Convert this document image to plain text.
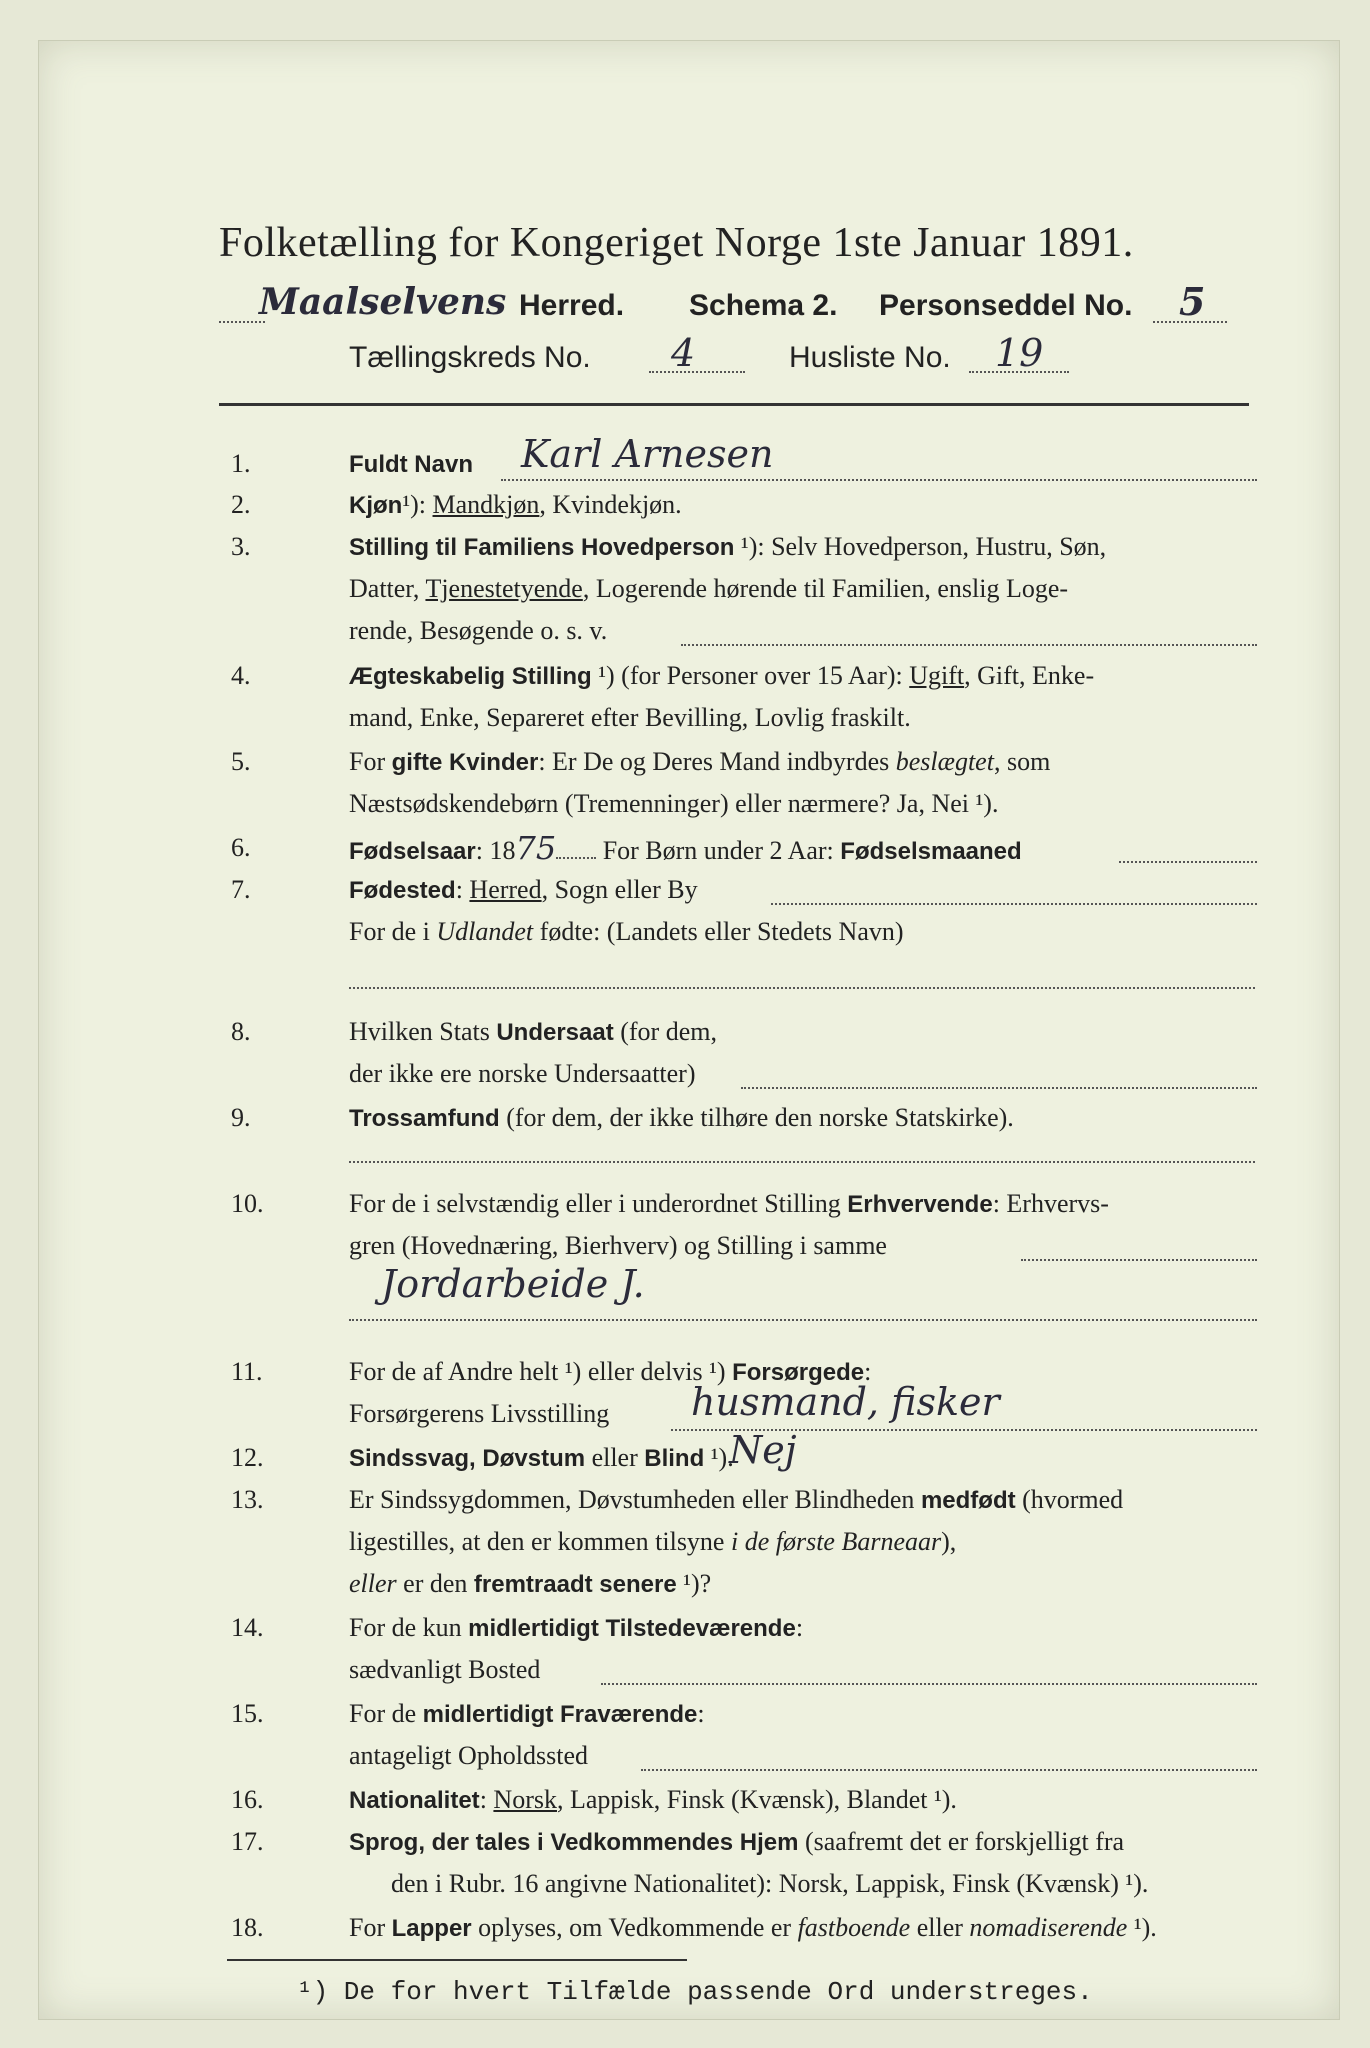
Folketælling for Kongeriget Norge 1ste Januar 1891.
Maalselvens Herred. Schema 2. Personseddel No. 5
Tællingskreds No. 4	Husliste No. 19
1.	Fuldt Navn	Karl Arnesen
2.	Kjøn¹): Mandkjøn, Kvindekjøn.
3.	Stilling til Familiens Hovedperson ¹): Selv Hovedperson, Hustru, Søn,
Datter, Tjenestetyende, Logerende hørende til Familien, enslig Loge-
rende, Besøgende o. s. v.
4.	Ægteskabelig Stilling ¹) (for Personer over 15 Aar): Ugift, Gift, Enke-
mand, Enke, Separeret efter Bevilling, Lovlig fraskilt.
5.	For gifte Kvinder: Er De og Deres Mand indbyrdes beslægtet, som
Næstsødskendebørn (Tremenninger) eller nærmere? Ja, Nei ¹).
6.	Fødselsaar: 1875 For Børn under 2 Aar: Fødselsmaaned
7.	Fødested: Herred, Sogn eller By
For de i Udlandet fødte: (Landets eller Stedets Navn)
8.	Hvilken Stats Undersaat (for dem,
der ikke ere norske Undersaatter)
9.	Trossamfund (for dem, der ikke tilhøre den norske Statskirke).
10.	For de i selvstændig eller i underordnet Stilling Erhvervende: Erhvervs-
gren (Hovednæring, Bierhverv) og Stilling i samme
Jordarbeide J.
11.	For de af Andre helt ¹) eller delvis ¹) Forsørgede:
Forsørgerens Livsstilling	husmand, fisker
12.	Sindssvag, Døvstum eller Blind ¹).
Nej
13.	Er Sindssygdommen, Døvstumheden eller Blindheden medfødt (hvormed
ligestilles, at den er kommen tilsyne i de første Barneaar),
eller er den fremtraadt senere ¹)?
14.	For de kun midlertidigt Tilstedeværende:
sædvanligt Bosted
15.	For de midlertidigt Fraværende:
antageligt Opholdssted
16.	Nationalitet: Norsk, Lappisk, Finsk (Kvænsk), Blandet ¹).
17.	Sprog, der tales i Vedkommendes Hjem (saafremt det er forskjelligt fra
den i Rubr. 16 angivne Nationalitet): Norsk, Lappisk, Finsk (Kvænsk) ¹).
18.	For Lapper oplyses, om Vedkommende er fastboende eller nomadiserende ¹).
¹) De for hvert Tilfælde passende Ord understreges.
